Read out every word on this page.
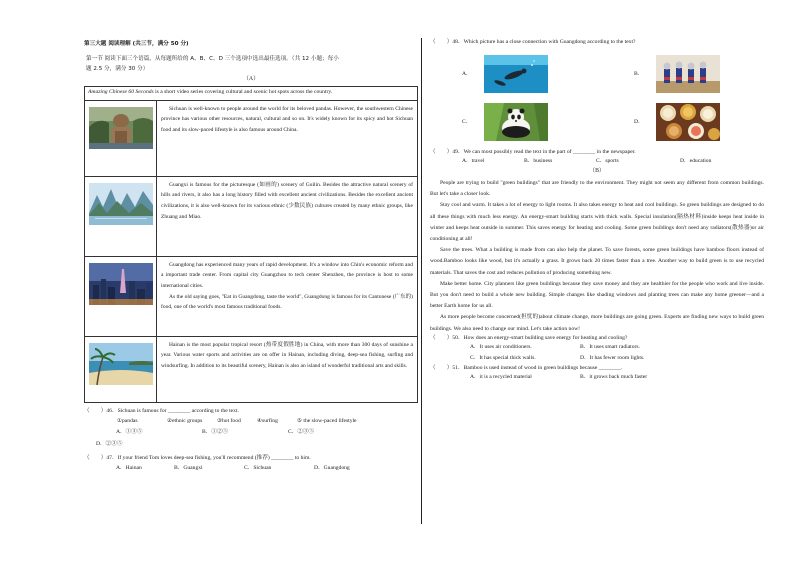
第三大题 阅读理解 (共三节，满分 50 分)
第一节 阅读下面三个语篇，从每题所给的 A、B、C、D 三个选项中选出最佳选项。（共 12 小题；每小
题 2.5 分，满分 30 分）
（A）
Amazing Chinese 60 Seconds is a short video series covering cultural and scenic hot spots across the country.	

Sichuan is well-known to people around the world for its beloved pandas. However, the southwestern Chinese province has various other resources, natural, cultural and so on. It's widely known for its spicy and hot Sichuan food and its slow-paced lifestyle is also famous around China.

Guangxi is famous for the picturesque (如画的) scenery of Guilin. Besides the attractive natural scenery of hills and rivers, it also has a long history filled with excellent ancient civilizations. Besides the excellent ancient civilizations, it is also well-known for its various ethnic (少数民族) cultures created by many ethnic groups, like Zhuang and Miao.

Guangdong has experienced many years of rapid development. It's a window into Chin's economic reform and a important trade center. From capital city Guangzhou to tech center Shenzhen, the province is host to some international cities.

As the old saying goes, "Eat in Guangdong, taste the world", Guangdong is famous for its Cantonese (广东的) food, one of the world's most famous traditional foods.

Hainan is the most popular tropical resort (热带度假胜地) in China, with more than 300 days of sunshine a year. Various water sports and activities are on offer in Hainan, including diving, deep-sea fishing, surfing and windsurfing. In addition to its beautiful scenery, Hainan is also an island of wonderful traditional arts and skills.

（　　）46．Sichuan is famous for ________ according to the text.
①pandas	②ethnic groups	③hot food	④surfing	⑤ the slow-paced lifestyle
A．①③⑤	B．①②⑤	C．②③⑤
D．②③⑤
（　　）47．If your friend Tom loves deep-sea fishing, you'll recommend (推荐) ________ to him.
A．Hainan	B．Guangxi	C．Sichuan	D．Guangdong
（　　）48．Which picture has a close connection with Guangdong according to the text?
A．	B．
C．	D．
（　　）49．We can most possibly read the text in the part of ________ in the newspaper.
A．travel	B．business	C．sports	D．education
（B）

People are trying to build "green buildings" that are friendly to the environment. They might not seem any different from common buildings. But let's take a closer look.

Stay cool and warm. It takes a lot of energy to light rooms. It also takes energy to heat and cool buildings. So green buildings are designed to do all these things with much less energy. An energy-smart building starts with thick walls. Special insulation(隔热材料)inside keeps heat inside in winter and keeps heat outside in summer. This saves energy for heating and cooling. Some green buildings don't need any radiators(散热器)or air conditioning at all!

Save the trees. What a building is made from can also help the planet. To save forests, some green buildings have bamboo floors instead of wood.Bamboo looks like wood, but it's actually a grass. It grows back 20 times faster than a tree. Another way to build green is to use recycled materials. That saves the cost and reduces pollution of producing something new.

Make better home. City planners like green buildings because they save money and they are healthier for the people who work and live inside. But you don't need to build a whole new building. Simple changes like shading windows and planting trees can make any home greener—and a better Earth home for us all.

As more people become concerned(担忧的)about climate change, more buildings are going green. Experts are finding new ways to build green buildings. We also need to change our mind. Let's take action now!

（　　）50．How does an energy-smart building save energy for heating and cooling?
A．It uses air conditioners.	B．It uses smart radiators.
C．It has special thick walls.	D．It has fewer room lights.
（　　）51．Bamboo is used instead of wood in green buildings because ________.
A．it is a recycled material	B．it grows back much faster
